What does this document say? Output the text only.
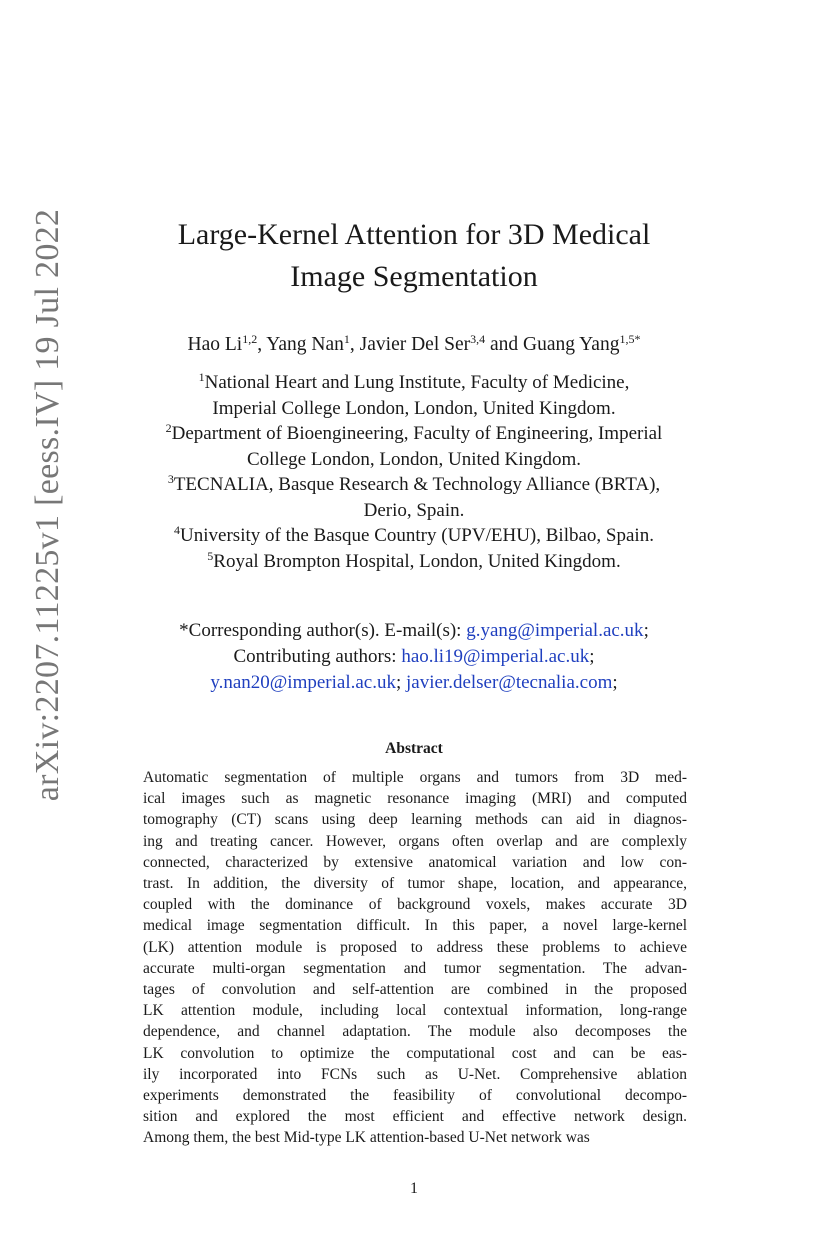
arXiv:2207.11225v1 [eess.IV] 19 Jul 2022	Large-Kernel Attention for 3D Medical
Image Segmentation
Hao Li$^{1,2}$, Yang Nan$^1$, Javier Del Ser$^{3,4}$ and Guang Yang$^{1,5*}$
$^1$National Heart and Lung Institute, Faculty of Medicine,
Imperial College London, London, United Kingdom.
$^2$Department of Bioengineering, Faculty of Engineering, Imperial
College London, London, United Kingdom.
$^3$TECNALIA, Basque Research & Technology Alliance (BRTA),
Derio, Spain.
$^4$University of the Basque Country (UPV/EHU), Bilbao, Spain.
$^5$Royal Brompton Hospital, London, United Kingdom.
*Corresponding author(s). E-mail(s): g.yang@imperial.ac.uk;
Contributing authors: hao.li19@imperial.ac.uk;
y.nan20@imperial.ac.uk; javier.delser@tecnalia.com;
Abstract
Automatic segmentation of multiple organs and tumors from 3D med-
ical images such as magnetic resonance imaging (MRI) and computed
tomography (CT) scans using deep learning methods can aid in diagnos-
ing and treating cancer. However, organs often overlap and are complexly
connected, characterized by extensive anatomical variation and low con-
trast. In addition, the diversity of tumor shape, location, and appearance,
coupled with the dominance of background voxels, makes accurate 3D
medical image segmentation difficult. In this paper, a novel large-kernel
(LK) attention module is proposed to address these problems to achieve
accurate multi-organ segmentation and tumor segmentation. The advan-
tages of convolution and self-attention are combined in the proposed
LK attention module, including local contextual information, long-range
dependence, and channel adaptation. The module also decomposes the
LK convolution to optimize the computational cost and can be eas-
ily incorporated into FCNs such as U-Net. Comprehensive ablation
experiments demonstrated the feasibility of convolutional decompo-
sition and explored the most efficient and effective network design.
Among them, the best Mid-type LK attention-based U-Net network was
1
